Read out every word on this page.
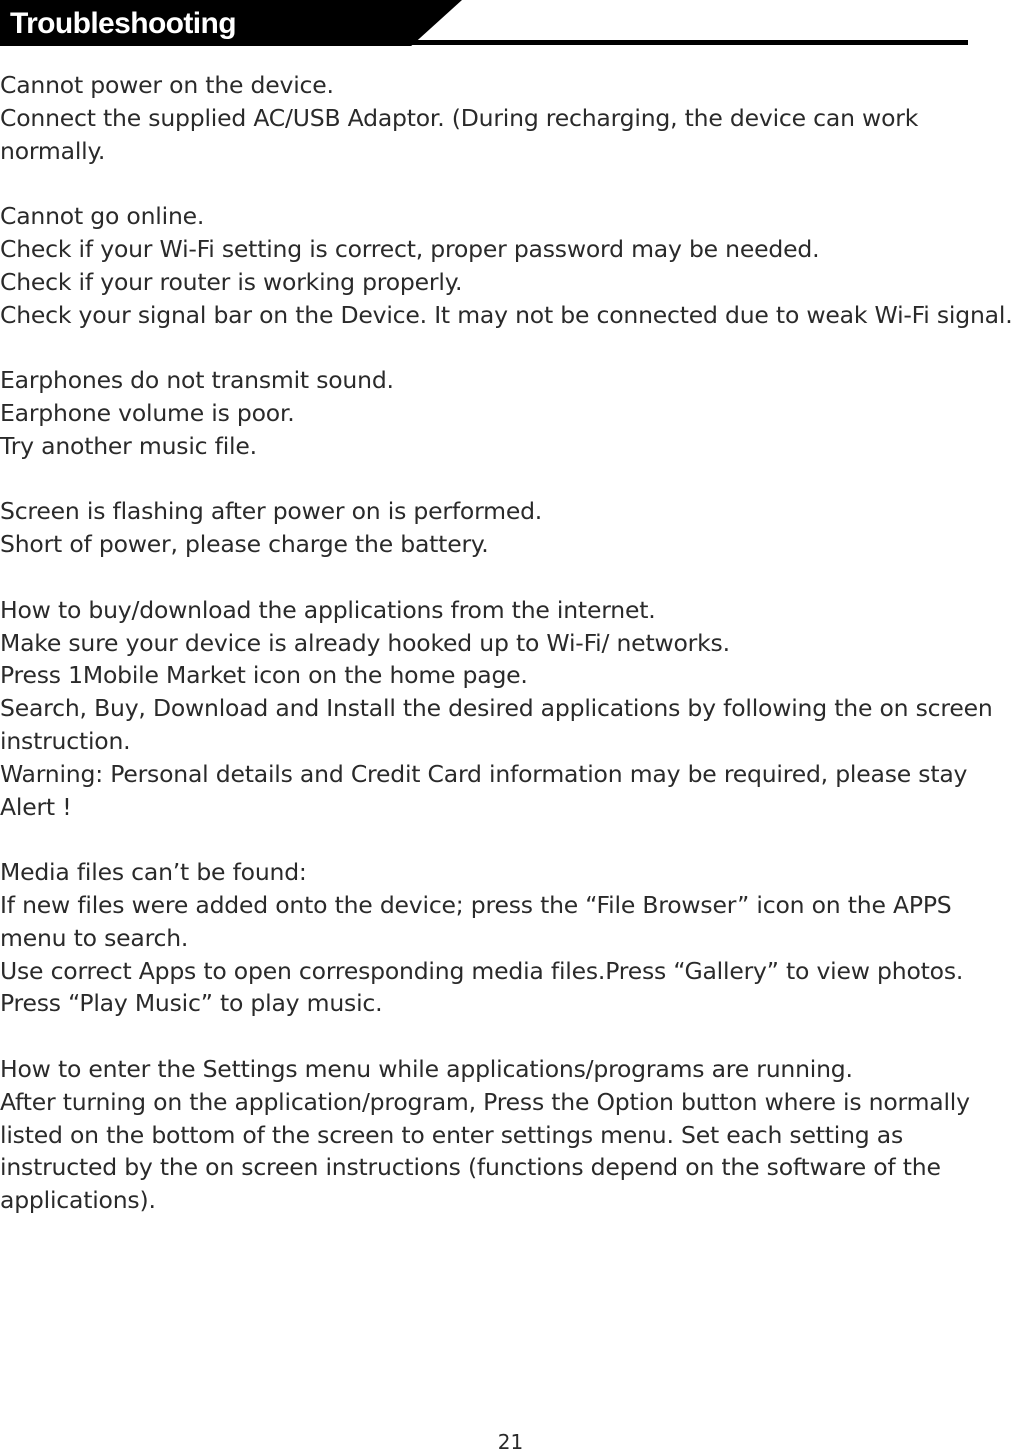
Troubleshooting

Cannot power on the device.

Connect the supplied AC/USB Adaptor. (During recharging, the device can work normally.

Cannot go online.

Check if your Wi-Fi setting is correct, proper password may be needed.

Check if your router is working properly.

Check your signal bar on the Device. It may not be connected due to weak Wi-Fi signal.

Earphones do not transmit sound.

Earphone volume is poor.

Try another music file.

Screen is flashing after power on is performed.

Short of power, please charge the battery.

How to buy/download the applications from the internet.

Make sure your device is already hooked up to Wi-Fi/ networks.

Press 1Mobile Market icon on the home page.

Search, Buy, Download and Install the desired applications by following the on screen instruction.

Warning: Personal details and Credit Card information may be required, please stay Alert !

Media files can’t be found:

If new files were added onto the device; press the “File Browser” icon on the APPS menu to search.

Use correct Apps to open corresponding media files.Press “Gallery” to view photos.

Press “Play Music” to play music.

How to enter the Settings menu while applications/programs are running.

After turning on the application/program, Press the Option button where is normally listed on the bottom of the screen to enter settings menu. Set each setting as instructed by the on screen instructions (functions depend on the software of the applications).

21
